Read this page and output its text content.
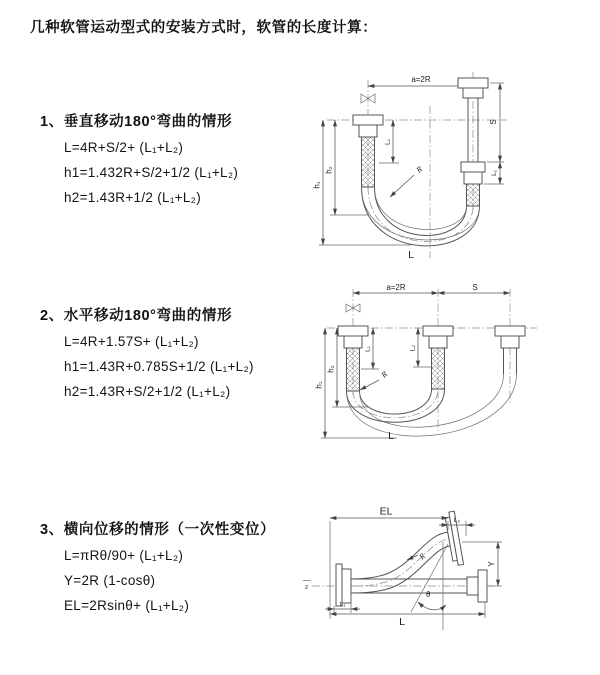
几种软管运动型式的安装方式时，软管的长度计算：
1、垂直移动180°弯曲的情形
L=4R+S/2+ (L₁+L₂)
h1=1.432R+S/2+1/2 (L₁+L₂)
h2=1.43R+1/2 (L₁+L₂)
a=2R
S
L₁
h₁
h₂
L₁
R
L
2、水平移动180°弯曲的情形
L=4R+1.57S+ (L₁+L₂)
h1=1.43R+0.785S+1/2 (L₁+L₂)
h2=1.43R+S/2+1/2 (L₁+L₂)
a=2R	S
h₁
h₂
L₁	L₂
R
L
3、横向位移的情形（一次性变位）
L=πRθ/90+ (L₁+L₂)
Y=2R (1-cosθ)
EL=2Rsinθ+ (L₁+L₂)
z
θ
R
EL
L₂
Y
L
L₁
